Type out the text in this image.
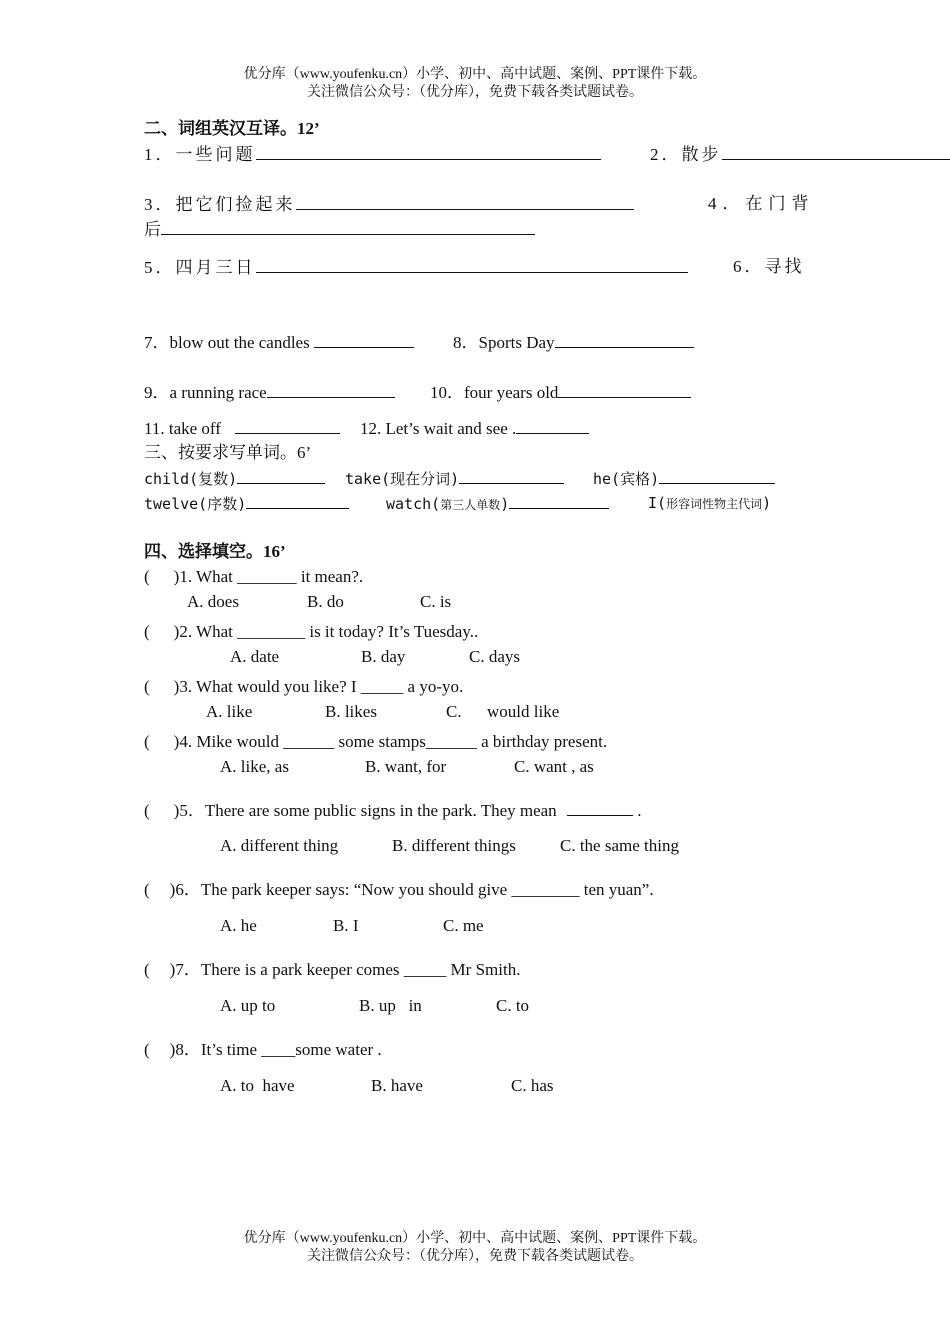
优分库（www.youfenku.cn）小学、初中、高中试题、案例、PPT课件下载。
关注微信公众号：（优分库），免费下载各类试题试卷。
二、词组英汉互译。12’
1．一些问题	2．散步
3．把它们捡起来	4．在门背
后
5．四月三日	6．寻找
7．blow out the candles	8．Sports Day
9．a running race	10．four years old
11. take off	12. Let’s wait and see .
三、按要求写单词。6’
child(复数)	take(现在分词)	he(宾格)
twelve(序数)	watch(第三人单数)	I(形容词性物主代词)
四、选择填空。16’
( )1. What _______ it mean?.
A. does	B. do	C. is
( )2. What ________ is it today? It’s Tuesday..
A. date	B. day	C. days
( )3. What would you like? I _____ a yo-yo.
A. like	B. likes	C. would like
( )4. Mike would ______ some stamps______ a birthday present.
A. like, as	B. want, for	C. want , as
( )5．There are some public signs in the park. They mean	.
A. different thing	B. different things	C. the same thing
( )6．The park keeper says: “Now you should give ________ ten yuan”.
A. he	B. I	C. me
( )7．There is a park keeper comes _____ Mr Smith.
A. up to	B. up   in	C. to
( )8．It’s time ____some water .
A. to  have	B. have	C. has
优分库（www.youfenku.cn）小学、初中、高中试题、案例、PPT课件下载。
关注微信公众号：（优分库），免费下载各类试题试卷。
